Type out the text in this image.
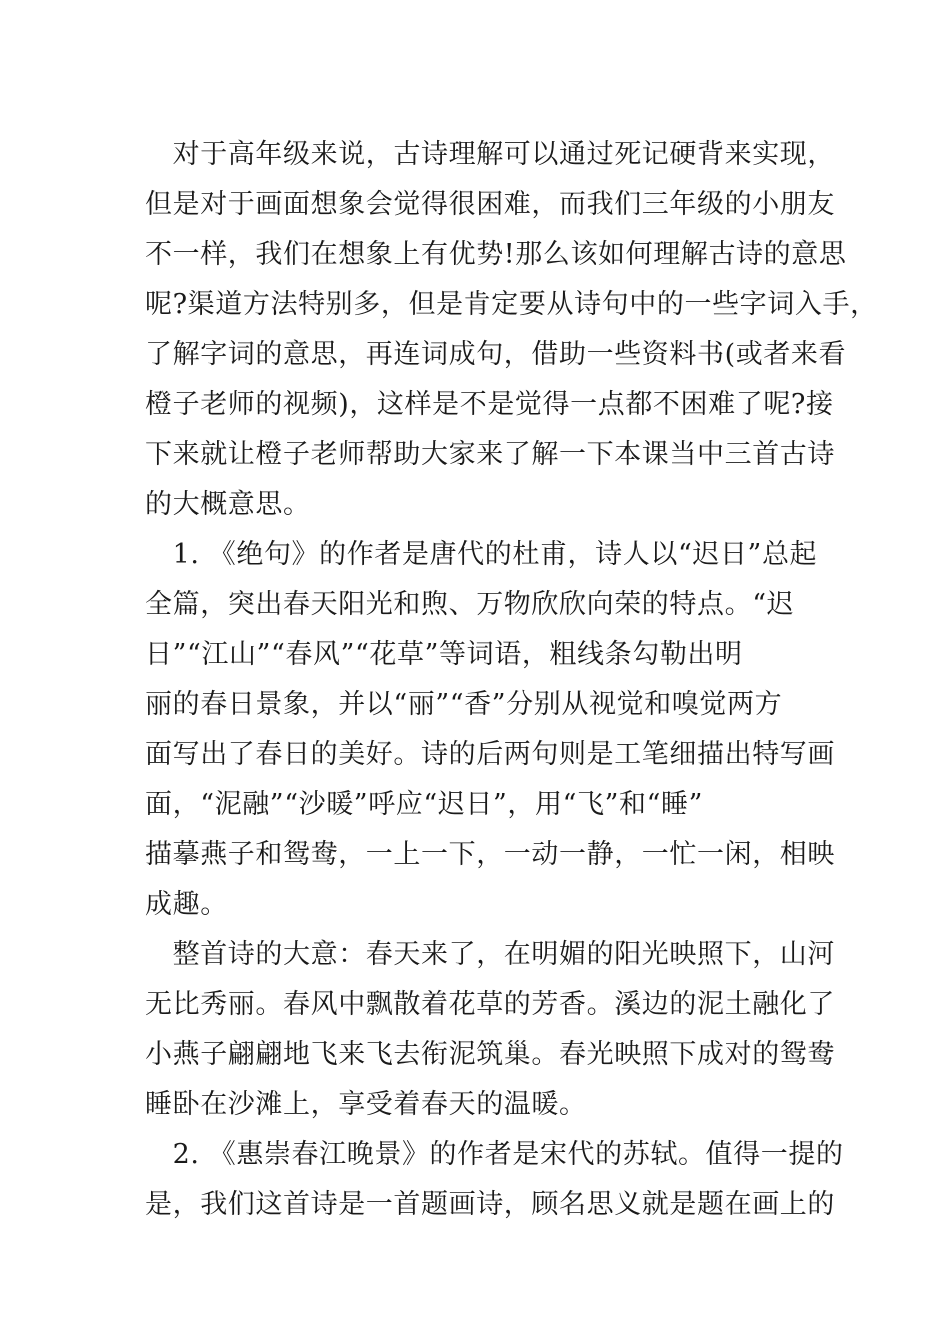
　对于高年级来说，古诗理解可以通过死记硬背来实现，
但是对于画面想象会觉得很困难，而我们三年级的小朋友
不一样，我们在想象上有优势!那么该如何理解古诗的意思
呢?渠道方法特别多，但是肯定要从诗句中的一些字词入手，
了解字词的意思，再连词成句，借助一些资料书(或者来看
橙子老师的视频)，这样是不是觉得一点都不困难了呢?接
下来就让橙子老师帮助大家来了解一下本课当中三首古诗
的大概意思。
　1. 《绝句》的作者是唐代的杜甫，诗人以“迟日”总起
全篇，突出春天阳光和煦、万物欣欣向荣的特点。“迟
日”“江山”“春风”“花草”等词语，粗线条勾勒出明
丽的春日景象，并以“丽”“香”分别从视觉和嗅觉两方
面写出了春日的美好。诗的后两句则是工笔细描出特写画
面，“泥融”“沙暖”呼应“迟日”，用“飞”和“睡”
描摹燕子和鸳鸯，一上一下，一动一静，一忙一闲，相映
成趣。
　整首诗的大意：春天来了，在明媚的阳光映照下，山河
无比秀丽。春风中飘散着花草的芳香。溪边的泥土融化了
小燕子翩翩地飞来飞去衔泥筑巢。春光映照下成对的鸳鸯
睡卧在沙滩上，享受着春天的温暖。
　2. 《惠崇春江晚景》的作者是宋代的苏轼。值得一提的
是，我们这首诗是一首题画诗，顾名思义就是题在画上的
